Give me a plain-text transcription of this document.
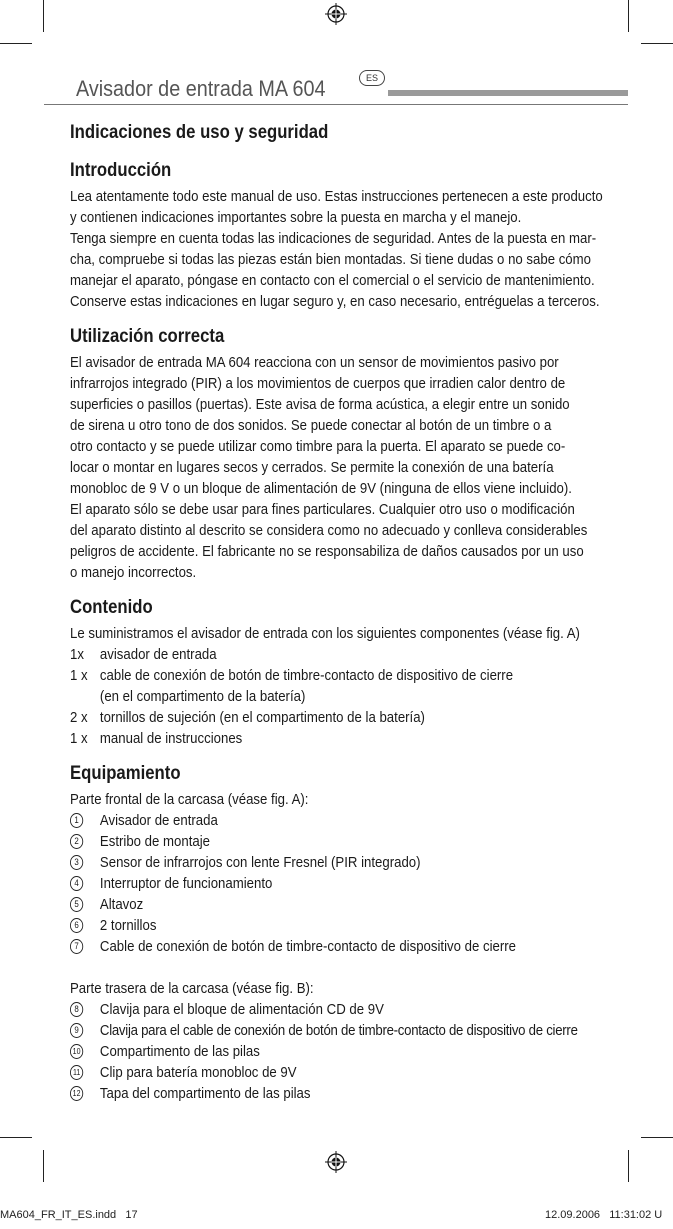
Avisador de entrada MA 604	ES
Indicaciones de uso y seguridad
Introducción

Lea atentamente todo este manual de uso. Estas instrucciones pertenecen a este producto

y contienen indicaciones importantes sobre la puesta en marcha y el manejo.

Tenga siempre en cuenta todas las indicaciones de seguridad. Antes de la puesta en mar-

cha, compruebe si todas las piezas están bien montadas. Si tiene dudas o no sabe cómo

manejar el aparato, póngase en contacto con el comercial o el servicio de mantenimiento.

Conserve estas indicaciones en lugar seguro y, en caso necesario, entréguelas a terceros.

Utilización correcta

El avisador de entrada MA 604 reacciona con un sensor de movimientos pasivo por

infrarrojos integrado (PIR) a los movimientos de cuerpos que irradien calor dentro de

superficies o pasillos (puertas). Este avisa de forma acústica, a elegir entre un sonido

de sirena u otro tono de dos sonidos. Se puede conectar al botón de un timbre o a

otro contacto y se puede utilizar como timbre para la puerta. El aparato se puede co-

locar o montar en lugares secos y cerrados. Se permite la conexión de una batería

monobloc de 9 V o un bloque de alimentación de 9V (ninguna de ellos viene incluido).

El aparato sólo se debe usar para fines particulares. Cualquier otro uso o modificación

del aparato distinto al descrito se considera como no adecuado y conlleva considerables

peligros de accidente. El fabricante no se responsabiliza de daños causados por un uso

o manejo incorrectos.

Contenido

Le suministramos el avisador de entrada con los siguientes componentes (véase fig. A)

1x	avisador de entrada
1 x cable de conexión de botón de timbre-contacto de dispositivo de cierre
(en el compartimento de la batería)
2 x tornillos de sujeción (en el compartimento de la batería)
1 x manual de instrucciones
Equipamiento

Parte frontal de la carcasa (véase fig. A):

1 Avisador de entrada
2 Estribo de montaje
3 Sensor de infrarrojos con lente Fresnel (PIR integrado)
4 Interruptor de funcionamiento
5 Altavoz
6 2 tornillos
7 Cable de conexión de botón de timbre-contacto de dispositivo de cierre

Parte trasera de la carcasa (véase fig. B):

8 Clavija para el bloque de alimentación CD de 9V
9 Clavija para el cable de conexión de botón de timbre-contacto de dispositivo de cierre
10 Compartimento de las pilas
11 Clip para batería monobloc de 9V
12 Tapa del compartimento de las pilas
MA604_FR_IT_ES.indd   17	12.09.2006   11:31:02 U
